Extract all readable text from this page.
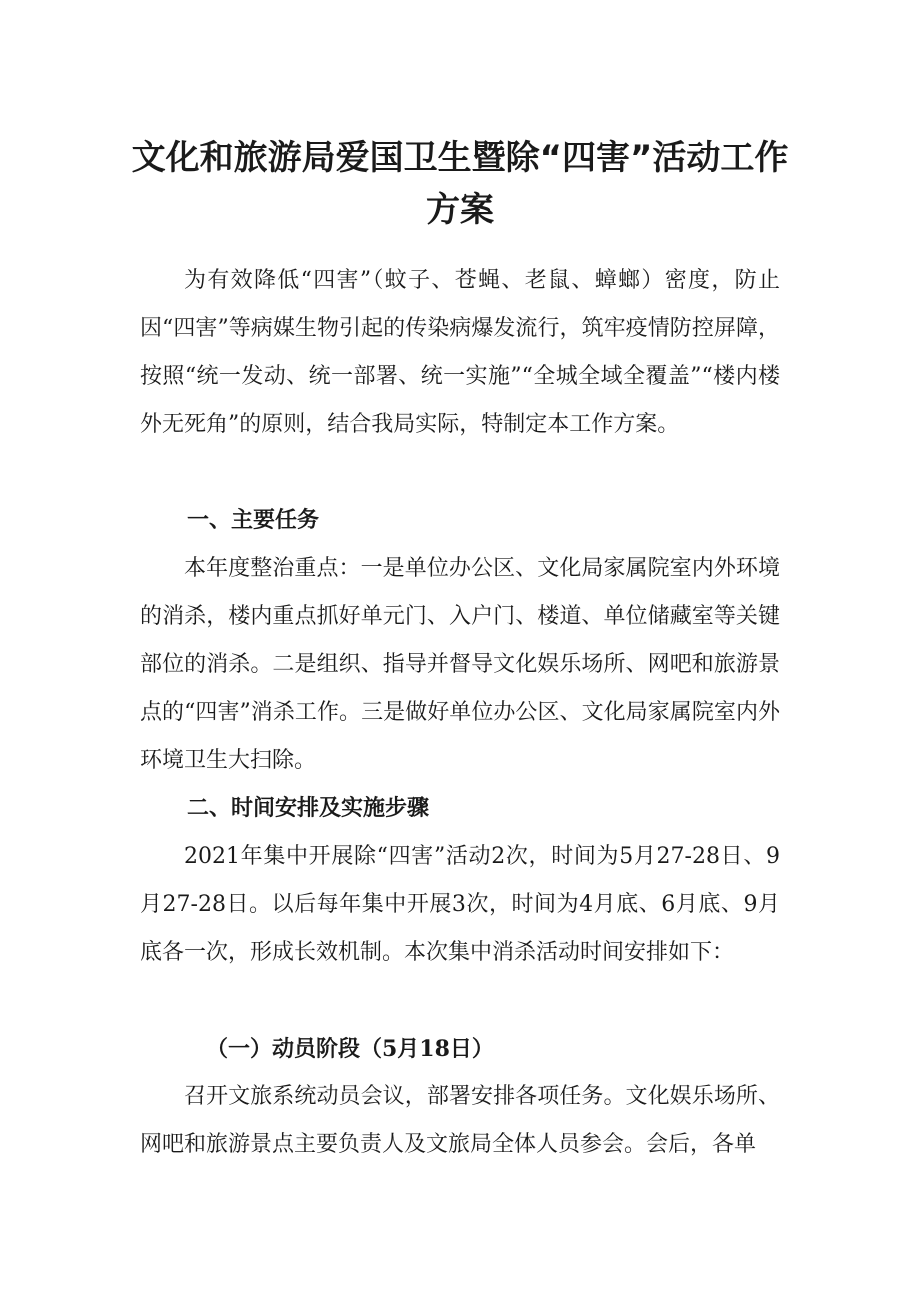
文化和旅游局爱国卫生暨除“四害”活动工作
方案

为有效降低“四害”（蚊子、苍蝇、老鼠、蟑螂）密度，防止因“四害”等病媒生物引起的传染病爆发流行，筑牢疫情防控屏障，按照“统一发动、统一部署、统一实施”“全城全域全覆盖”“楼内楼外无死角”的原则，结合我局实际，特制定本工作方案。

一、主要任务

本年度整治重点：一是单位办公区、文化局家属院室内外环境的消杀，楼内重点抓好单元门、入户门、楼道、单位储藏室等关键部位的消杀。二是组织、指导并督导文化娱乐场所、网吧和旅游景点的“四害”消杀工作。三是做好单位办公区、文化局家属院室内外环境卫生大扫除。

二、时间安排及实施步骤

2021年集中开展除“四害”活动2次，时间为5月27-28日、9月27-28日。以后每年集中开展3次，时间为4月底、6月底、9月底各一次，形成长效机制。本次集中消杀活动时间安排如下：

（一）动员阶段（5月18日）

召开文旅系统动员会议，部署安排各项任务。文化娱乐场所、网吧和旅游景点主要负责人及文旅局全体人员参会。会后，各单
